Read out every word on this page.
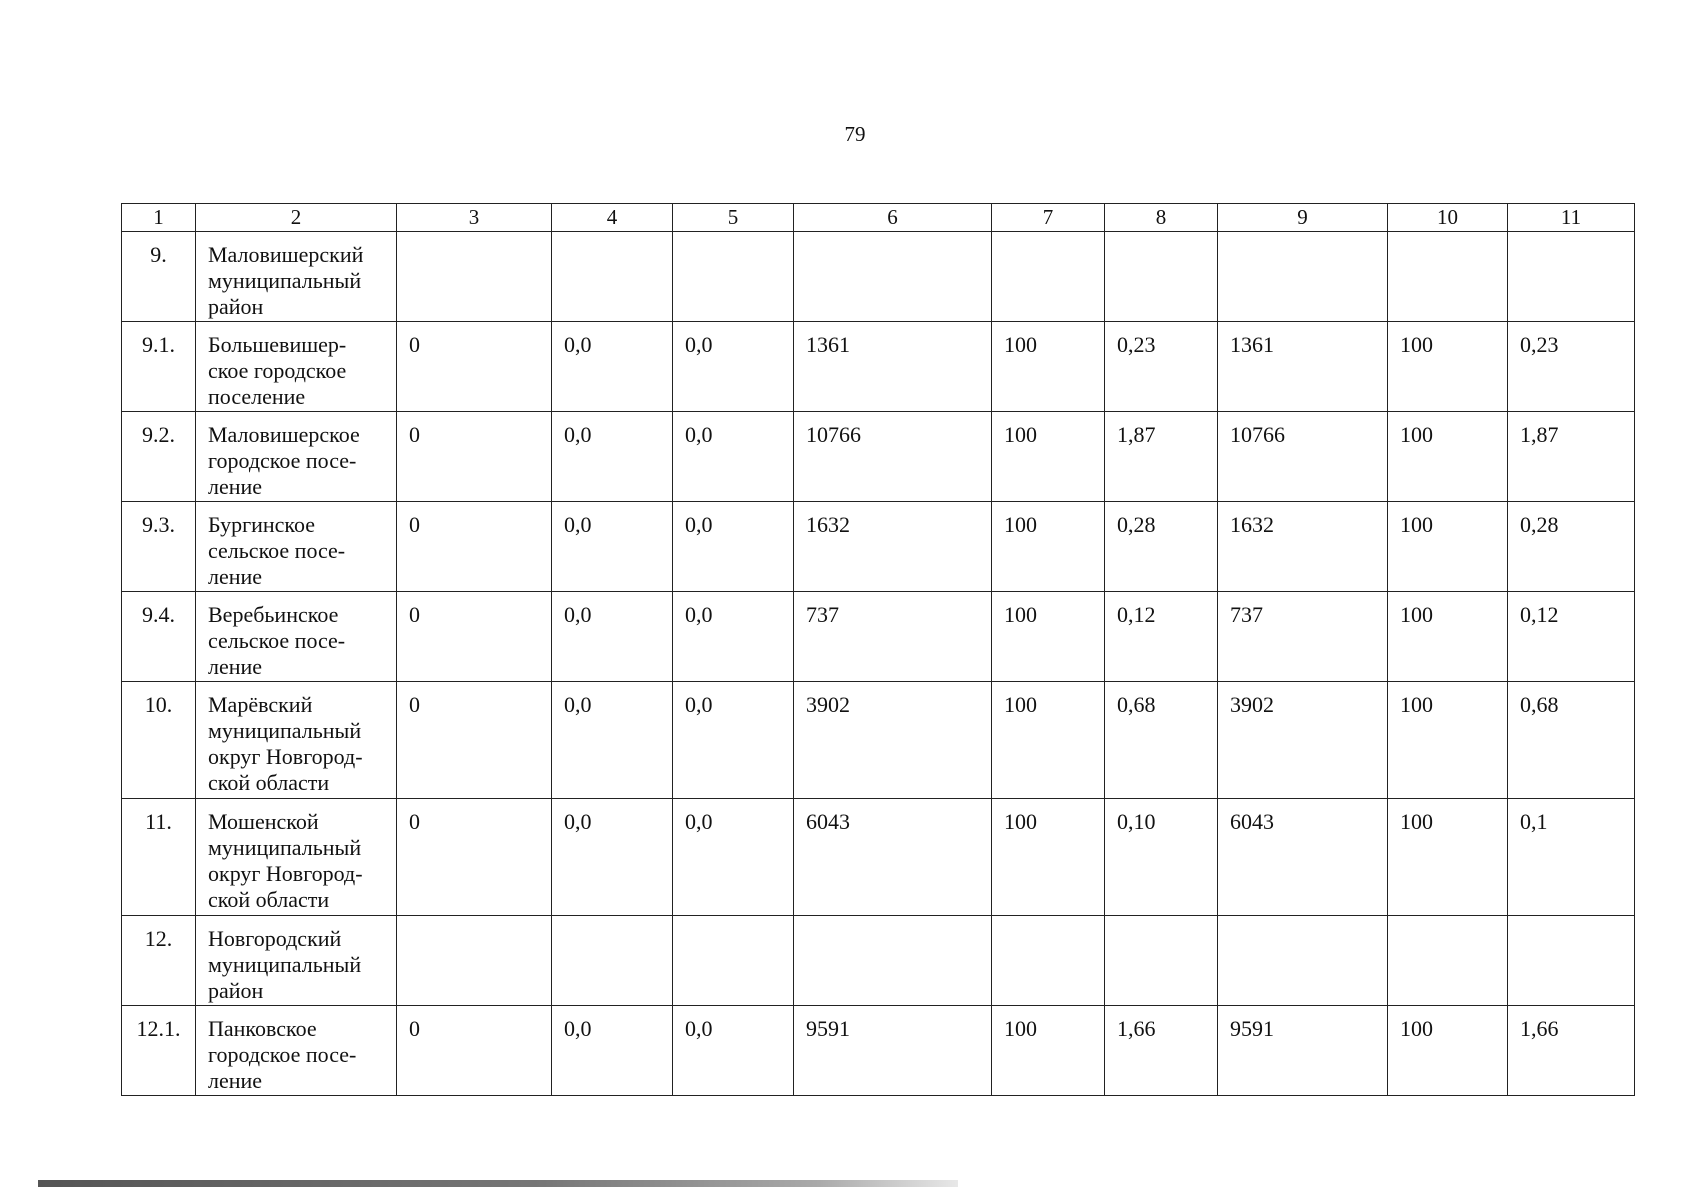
79
1	2	3	4	5	6	7	8	9	10	11
9.	Маловишерский муниципальный район									
9.1.	Большевишер-ское городское поселение	0	0,0	0,0	1361	100	0,23	1361	100	0,23
9.2.	Маловишерское городское посе-ление	0	0,0	0,0	10766	100	1,87	10766	100	1,87
9.3.	Бургинское сельское посе-ление	0	0,0	0,0	1632	100	0,28	1632	100	0,28
9.4.	Веребьинское сельское посе-ление	0	0,0	0,0	737	100	0,12	737	100	0,12
10.	Марёвский муниципальный округ Новгород-ской области	0	0,0	0,0	3902	100	0,68	3902	100	0,68
11.	Мошенской муниципальный округ Новгород-ской области	0	0,0	0,0	6043	100	0,10	6043	100	0,1
12.	Новгородский муниципальный район									
12.1.	Панковское городское посе-ление	0	0,0	0,0	9591	100	1,66	9591	100	1,66
